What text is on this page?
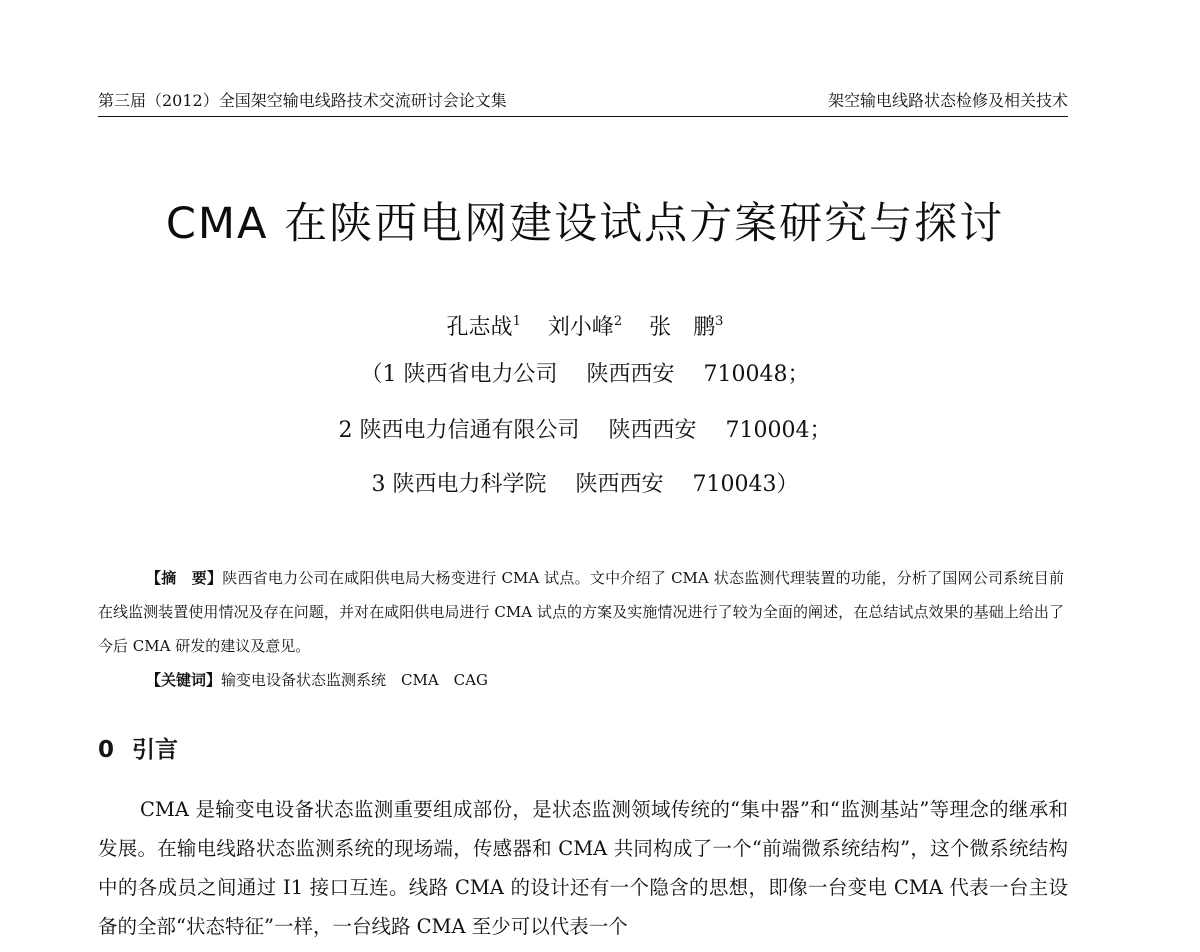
第三届（2012）全国架空输电线路技术交流研讨会论文集	架空输电线路状态检修及相关技术
CMA 在陕西电网建设试点方案研究与探讨
孔志战$^1$ 刘小峰$^2$ 张　鹏$^3$
（1 陕西省电力公司 陕西西安 710048；
2 陕西电力信通有限公司 陕西西安 710004；
3 陕西电力科学院 陕西西安 710043）

【摘　要】陕西省电力公司在咸阳供电局大杨变进行 CMA 试点。文中介绍了 CMA 状态监测代理装置的功能，分析了国网公司系统目前在线监测装置使用情况及存在问题，并对在咸阳供电局进行 CMA 试点的方案及实施情况进行了较为全面的阐述，在总结试点效果的基础上给出了今后 CMA 研发的建议及意见。

【关键词】输变电设备状态监测系统　CMA　CAG

0 引言

CMA 是输变电设备状态监测重要组成部份，是状态监测领域传统的“集中器”和“监测基站”等理念的继承和发展。在输电线路状态监测系统的现场端，传感器和 CMA 共同构成了一个“前端微系统结构”，这个微系统结构中的各成员之间通过 I1 接口互连。线路 CMA 的设计还有一个隐含的思想，即像一台变电 CMA 代表一台主设备的全部“状态特征”一样，一台线路 CMA 至少可以代表一个
